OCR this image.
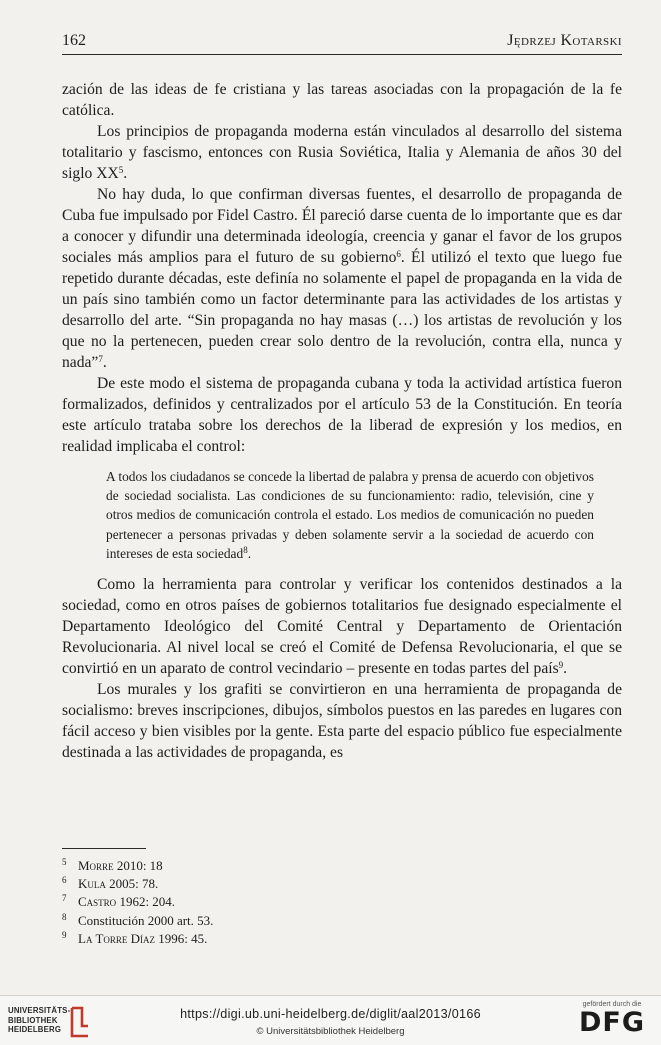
162	Jędrzej Kotarski

zación de las ideas de fe cristiana y las tareas asociadas con la propagación de la fe católica.

Los principios de propaganda moderna están vinculados al desarrollo del sistema totalitario y fascismo, entonces con Rusia Soviética, Italia y Alemania de años 30 del siglo $XX^5$.

No hay duda, lo que confirman diversas fuentes, el desarrollo de propaganda de Cuba fue impulsado por Fidel Castro. Él pareció darse cuenta de lo importante que es dar a conocer y difundir una determinada ideología, creencia y ganar el favor de los grupos sociales más amplios para el futuro de su gobierno$^6$. Él utilizó el texto que luego fue repetido durante décadas, este definía no solamente el papel de propaganda en la vida de un país sino también como un factor determinante para las actividades de los artistas y desarrollo del arte. “Sin propaganda no hay masas (…) los artistas de revolución y los que no la pertenecen, pueden crear solo dentro de la revolución, contra ella, nunca y nada”$^7$.

De este modo el sistema de propaganda cubana y toda la actividad artística fueron formalizados, definidos y centralizados por el artículo 53 de la Constitución. En teoría este artículo trataba sobre los derechos de la liberad de expresión y los medios, en realidad implicaba el control:

A todos los ciudadanos se concede la libertad de palabra y prensa de acuerdo con objetivos de sociedad socialista. Las condiciones de su funcionamiento: radio, televisión, cine y otros medios de comunicación controla el estado. Los medios de comunicación no pueden pertenecer a personas privadas y deben solamente servir a la sociedad de acuerdo con intereses de esta sociedad$^8$.

Como la herramienta para controlar y verificar los contenidos destinados a la sociedad, como en otros países de gobiernos totalitarios fue designado especialmente el Departamento Ideológico del Comité Central y Departamento de Orientación Revolucionaria. Al nivel local se creó el Comité de Defensa Revolucionaria, el que se convirtió en un aparato de control vecindario – presente en todas partes del país$^9$.

Los murales y los grafiti se convirtieron en una herramienta de propaganda de socialismo: breves inscripciones, dibujos, símbolos puestos en las paredes en lugares con fácil acceso y bien visibles por la gente. Esta parte del espacio público fue especialmente destinada a las actividades de propaganda, es

5 Morre 2010: 18
6 Kula 2005: 78.
7 Castro 1962: 204.
8 Constitución 2000 art. 53.
9 La Torre Díaz 1996: 45.
UNIVERSITÄTS-
BIBLIOTHEK
HEIDELBERG
https://digi.ub.uni-heidelberg.de/diglit/aal2013/0166
© Universitätsbibliothek Heidelberg
gefördert durch die
DFG
